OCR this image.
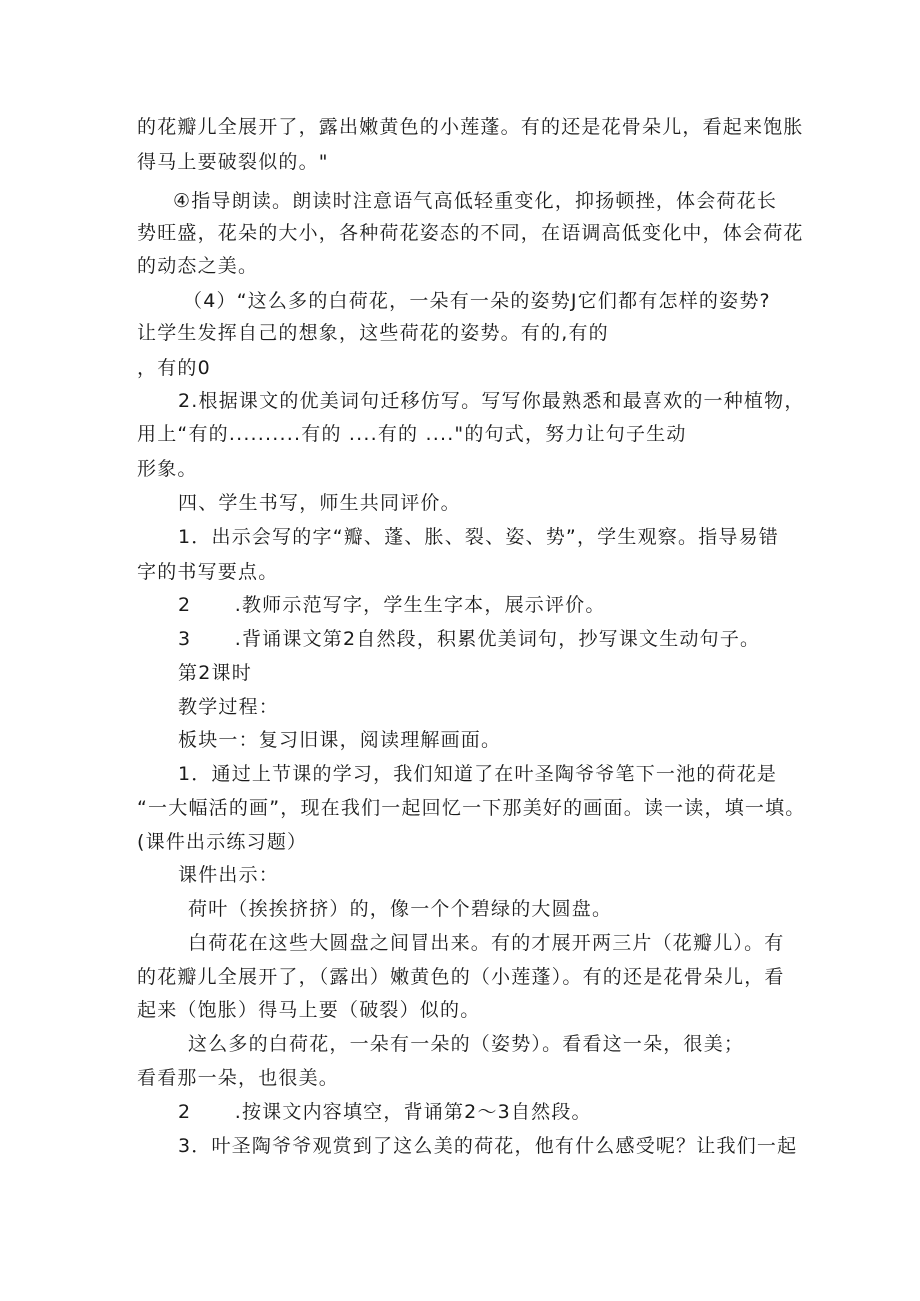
的花瓣儿全展开了，露出嫩黄色的小莲蓬。有的还是花骨朵儿，看起来饱胀
得马上要破裂似的。"
④指导朗读。朗读时注意语气高低轻重变化，抑扬顿挫，体会荷花长
势旺盛，花朵的大小，各种荷花姿态的不同，在语调高低变化中，体会荷花
的动态之美。
（4）“这么多的白荷花，一朵有一朵的姿势J它们都有怎样的姿势?
让学生发挥自己的想象，这些荷花的姿势。有的,有的
，有的0
2.根据课文的优美词句迁移仿写。写写你最熟悉和最喜欢的一种植物，
用上“有的..........有的 ....有的 ...."的句式，努力让句子生动
形象。
四、学生书写，师生共同评价。
1．出示会写的字“瓣、蓬、胀、裂、姿、势”，学生观察。指导易错
字的书写要点。
2      .教师示范写字，学生生字本，展示评价。
3      .背诵课文第2自然段，积累优美词句，抄写课文生动句子。
第2课时
教学过程：
板块一：复习旧课，阅读理解画面。
1．通过上节课的学习，我们知道了在叶圣陶爷爷笔下一池的荷花是
“一大幅活的画”，现在我们一起回忆一下那美好的画面。读一读，填一填。
(课件出示练习题）
课件出示：
荷叶（挨挨挤挤）的，像一个个碧绿的大圆盘。
白荷花在这些大圆盘之间冒出来。有的才展开两三片（花瓣儿）。有
的花瓣儿全展开了，（露出）嫩黄色的（小莲蓬）。有的还是花骨朵儿，看
起来（饱胀）得马上要（破裂）似的。
这么多的白荷花，一朵有一朵的（姿势）。看看这一朵，很美；
看看那一朵，也很美。
2      .按课文内容填空，背诵第2～3自然段。
3．叶圣陶爷爷观赏到了这么美的荷花，他有什么感受呢？让我们一起
